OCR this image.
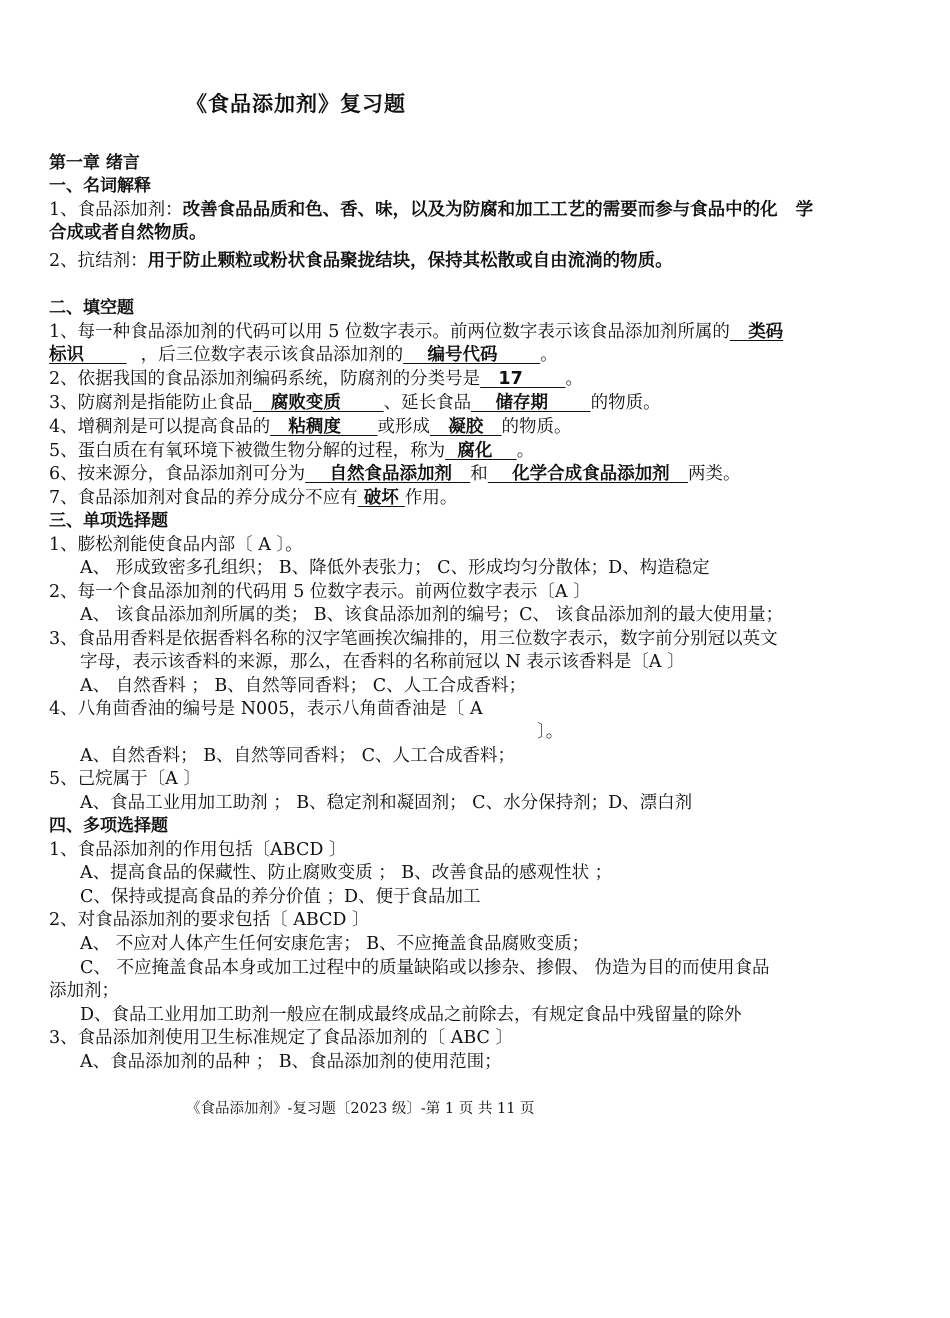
《食品添加剂》复习题
第一章 绪言
一、名词解释
1、食品添加剂：改善食品品质和色、香、味，以及为防腐和加工工艺的需要而参与食品中的化 学
合成或者自然物质。
2、抗结剂：用于防止颗粒或粉状食品聚拢结块，保持其松散或自由流淌的物质。
二、填空题
1、每一种食品添加剂的代码可以用 5 位数字表示。前两位数字表示该食品添加剂所属的 类码
标识	，后三位数字表示该食品添加剂的 编号代码 。
2、依据我国的食品添加剂编码系统，防腐剂的分类号是 17 。
3、防腐剂是指能防止食品 腐败变质 、延长食品 储存期 的物质。
4、增稠剂是可以提高食品的 粘稠度 或形成 凝胶 的物质。
5、蛋白质在有氧环境下被微生物分解的过程，称为 腐化 。
6、按来源分，食品添加剂可分为 自然食品添加剂 和 化学合成食品添加剂 两类。
7、食品添加剂对食品的养分成分不应有 破坏 作用。
三、单项选择题
1、膨松剂能使食品内部〔 A 〕。
A、 形成致密多孔组织； B、降低外表张力； C、形成均匀分散体；D、构造稳定
2、每一个食品添加剂的代码用 5 位数字表示。前两位数字表示〔A 〕
A、 该食品添加剂所属的类； B、该食品添加剂的编号；C、 该食品添加剂的最大使用量；
3、食品用香料是依据香料名称的汉字笔画挨次编排的，用三位数字表示，数字前分别冠以英文
字母，表示该香料的来源，那么，在香料的名称前冠以 N 表示该香料是〔A 〕
A、 自然香料 ； B、自然等同香料； C、人工合成香料；
4、八角茴香油的编号是 N005，表示八角茴香油是〔 A
〕。
A、自然香料； B、自然等同香料； C、人工合成香料；
5、己烷属于〔A 〕
A、食品工业用加工助剂 ； B、稳定剂和凝固剂； C、水分保持剂；D、漂白剂
四、多项选择题
1、食品添加剂的作用包括〔ABCD 〕
A、提高食品的保藏性、防止腐败变质 ； B、改善食品的感观性状 ；
C、保持或提高食品的养分价值 ；D、便于食品加工
2、对食品添加剂的要求包括〔 ABCD 〕
A、 不应对人体产生任何安康危害； B、不应掩盖食品腐败变质；
C、 不应掩盖食品本身或加工过程中的质量缺陷或以掺杂、掺假、 伪造为目的而使用食品
添加剂；
D、食品工业用加工助剂一般应在制成最终成品之前除去，有规定食品中残留量的除外
3、食品添加剂使用卫生标准规定了食品添加剂的〔 ABC 〕
A、食品添加剂的品种 ； B、食品添加剂的使用范围；
《食品添加剂》-复习题〔2023 级〕-第 1 页 共 11 页
